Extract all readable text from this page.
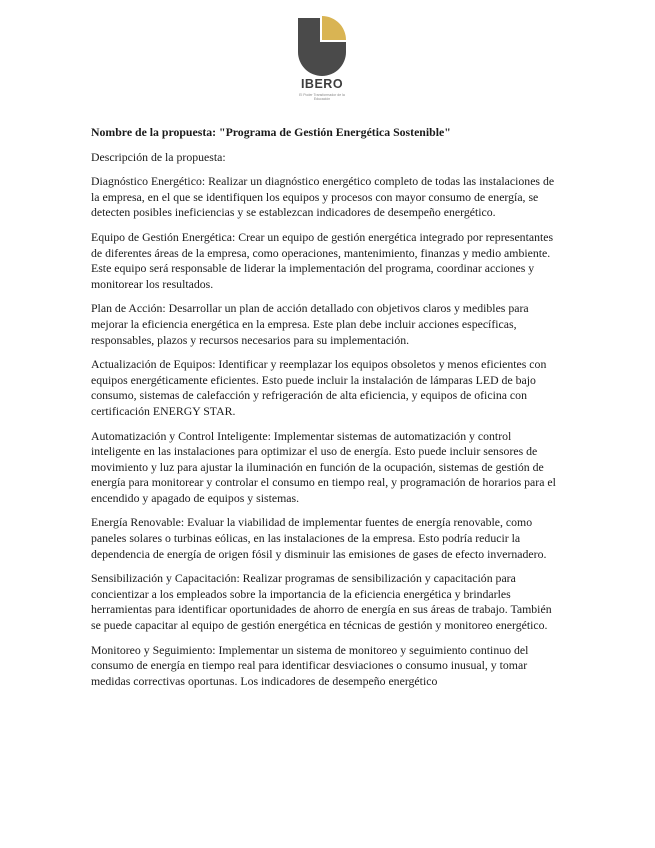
IBERO
El Poder Transformador de la Educación

Nombre de la propuesta: "Programa de Gestión Energética Sostenible"

Descripción de la propuesta:

Diagnóstico Energético: Realizar un diagnóstico energético completo de todas las instalaciones de la empresa, en el que se identifiquen los equipos y procesos con mayor consumo de energía, se detecten posibles ineficiencias y se establezcan indicadores de desempeño energético.

Equipo de Gestión Energética: Crear un equipo de gestión energética integrado por representantes de diferentes áreas de la empresa, como operaciones, mantenimiento, finanzas y medio ambiente. Este equipo será responsable de liderar la implementación del programa, coordinar acciones y monitorear los resultados.

Plan de Acción: Desarrollar un plan de acción detallado con objetivos claros y medibles para mejorar la eficiencia energética en la empresa. Este plan debe incluir acciones específicas, responsables, plazos y recursos necesarios para su implementación.

Actualización de Equipos: Identificar y reemplazar los equipos obsoletos y menos eficientes con equipos energéticamente eficientes. Esto puede incluir la instalación de lámparas LED de bajo consumo, sistemas de calefacción y refrigeración de alta eficiencia, y equipos de oficina con certificación ENERGY STAR.

Automatización y Control Inteligente: Implementar sistemas de automatización y control inteligente en las instalaciones para optimizar el uso de energía. Esto puede incluir sensores de movimiento y luz para ajustar la iluminación en función de la ocupación, sistemas de gestión de energía para monitorear y controlar el consumo en tiempo real, y programación de horarios para el encendido y apagado de equipos y sistemas.

Energía Renovable: Evaluar la viabilidad de implementar fuentes de energía renovable, como paneles solares o turbinas eólicas, en las instalaciones de la empresa. Esto podría reducir la dependencia de energía de origen fósil y disminuir las emisiones de gases de efecto invernadero.

Sensibilización y Capacitación: Realizar programas de sensibilización y capacitación para concientizar a los empleados sobre la importancia de la eficiencia energética y brindarles herramientas para identificar oportunidades de ahorro de energía en sus áreas de trabajo. También se puede capacitar al equipo de gestión energética en técnicas de gestión y monitoreo energético.

Monitoreo y Seguimiento: Implementar un sistema de monitoreo y seguimiento continuo del consumo de energía en tiempo real para identificar desviaciones o consumo inusual, y tomar medidas correctivas oportunas. Los indicadores de desempeño energético
